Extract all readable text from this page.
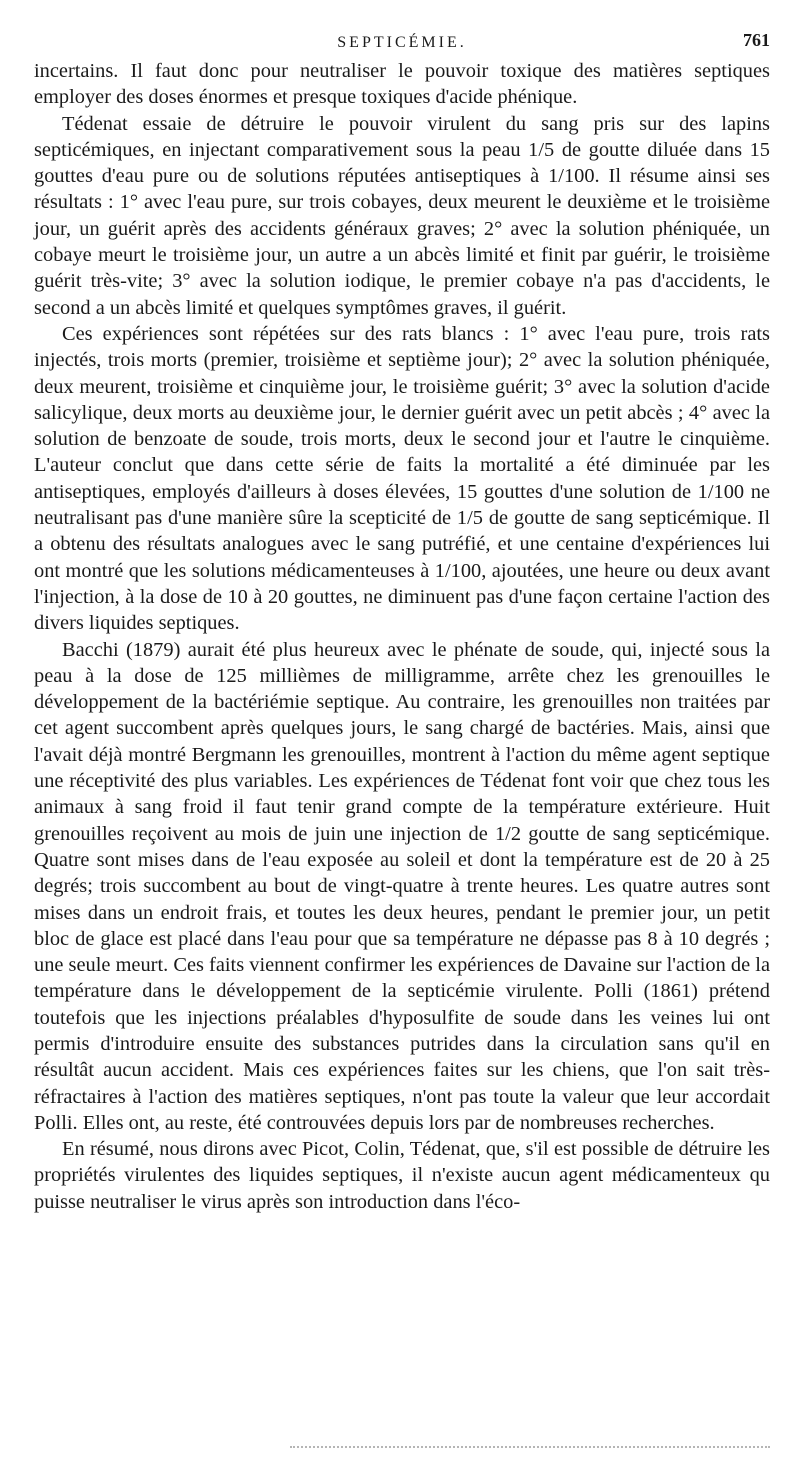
SEPTICÉMIE.	761

incertains. Il faut donc pour neutraliser le pouvoir toxique des matières septiques employer des doses énormes et presque toxiques d'acide phénique.

Tédenat essaie de détruire le pouvoir virulent du sang pris sur des lapins septicémiques, en injectant comparativement sous la peau 1/5 de goutte diluée dans 15 gouttes d'eau pure ou de solutions réputées antiseptiques à 1/100. Il résume ainsi ses résultats : 1° avec l'eau pure, sur trois cobayes, deux meurent le deuxième et le troisième jour, un guérit après des accidents généraux graves; 2° avec la solution phéniquée, un cobaye meurt le troisième jour, un autre a un abcès limité et finit par guérir, le troisième guérit très-vite; 3° avec la solution iodique, le premier cobaye n'a pas d'accidents, le second a un abcès limité et quelques symptômes graves, il guérit.

Ces expériences sont répétées sur des rats blancs : 1° avec l'eau pure, trois rats injectés, trois morts (premier, troisième et septième jour); 2° avec la solution phéniquée, deux meurent, troisième et cinquième jour, le troisième guérit; 3° avec la solution d'acide salicylique, deux morts au deuxième jour, le dernier guérit avec un petit abcès ; 4° avec la solution de benzoate de soude, trois morts, deux le second jour et l'autre le cinquième. L'auteur conclut que dans cette série de faits la mortalité a été diminuée par les antiseptiques, employés d'ailleurs à doses élevées, 15 gouttes d'une solution de 1/100 ne neutralisant pas d'une manière sûre la scepticité de 1/5 de goutte de sang septicémique. Il a obtenu des résultats analogues avec le sang putréfié, et une centaine d'expériences lui ont montré que les solutions médicamenteuses à 1/100, ajoutées, une heure ou deux avant l'injection, à la dose de 10 à 20 gouttes, ne diminuent pas d'une façon certaine l'action des divers liquides septiques.

Bacchi (1879) aurait été plus heureux avec le phénate de soude, qui, injecté sous la peau à la dose de 125 millièmes de milligramme, arrête chez les grenouilles le développement de la bactériémie septique. Au contraire, les grenouilles non traitées par cet agent succombent après quelques jours, le sang chargé de bactéries. Mais, ainsi que l'avait déjà montré Bergmann les grenouilles, montrent à l'action du même agent septique une réceptivité des plus variables. Les expériences de Tédenat font voir que chez tous les animaux à sang froid il faut tenir grand compte de la température extérieure. Huit grenouilles reçoivent au mois de juin une injection de 1/2 goutte de sang septicémique. Quatre sont mises dans de l'eau exposée au soleil et dont la température est de 20 à 25 degrés; trois succombent au bout de vingt-quatre à trente heures. Les quatre autres sont mises dans un endroit frais, et toutes les deux heures, pendant le premier jour, un petit bloc de glace est placé dans l'eau pour que sa température ne dépasse pas 8 à 10 degrés ; une seule meurt. Ces faits viennent confirmer les expériences de Davaine sur l'action de la température dans le développement de la septicémie virulente. Polli (1861) prétend toutefois que les injections préalables d'hyposulfite de soude dans les veines lui ont permis d'introduire ensuite des substances putrides dans la circulation sans qu'il en résultât aucun accident. Mais ces expériences faites sur les chiens, que l'on sait très-réfractaires à l'action des matières septiques, n'ont pas toute la valeur que leur accordait Polli. Elles ont, au reste, été controuvées depuis lors par de nombreuses recherches.

En résumé, nous dirons avec Picot, Colin, Tédenat, que, s'il est possible de détruire les propriétés virulentes des liquides septiques, il n'existe aucun agent médicamenteux qu puisse neutraliser le virus après son introduction dans l'éco-
